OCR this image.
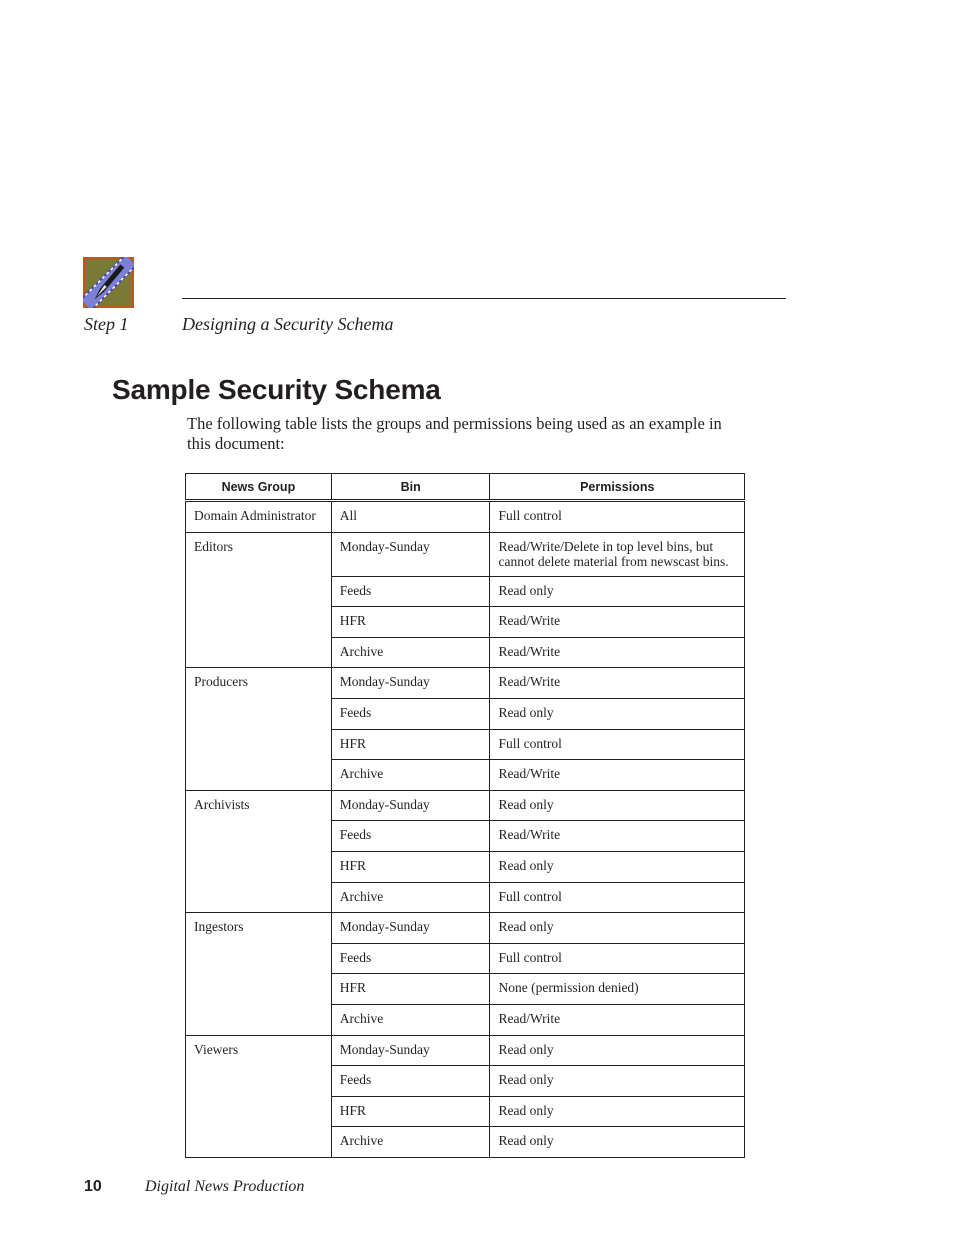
Step 1	Designing a Security Schema
Sample Security Schema

The following table lists the groups and permissions being used as an example in this document:

News Group	Bin	Permissions
Domain Administrator	All	Full control
Editors	Monday-Sunday	Read/Write/Delete in top level bins, but cannot delete material from newscast bins.
	Feeds	Read only
	HFR	Read/Write
	Archive	Read/Write
Producers	Monday-Sunday	Read/Write
	Feeds	Read only
	HFR	Full control
	Archive	Read/Write
Archivists	Monday-Sunday	Read only
	Feeds	Read/Write
	HFR	Read only
	Archive	Full control
Ingestors	Monday-Sunday	Read only
	Feeds	Full control
	HFR	None (permission denied)
	Archive	Read/Write
Viewers	Monday-Sunday	Read only
	Feeds	Read only
	HFR	Read only
	Archive	Read only
10	Digital News Production
